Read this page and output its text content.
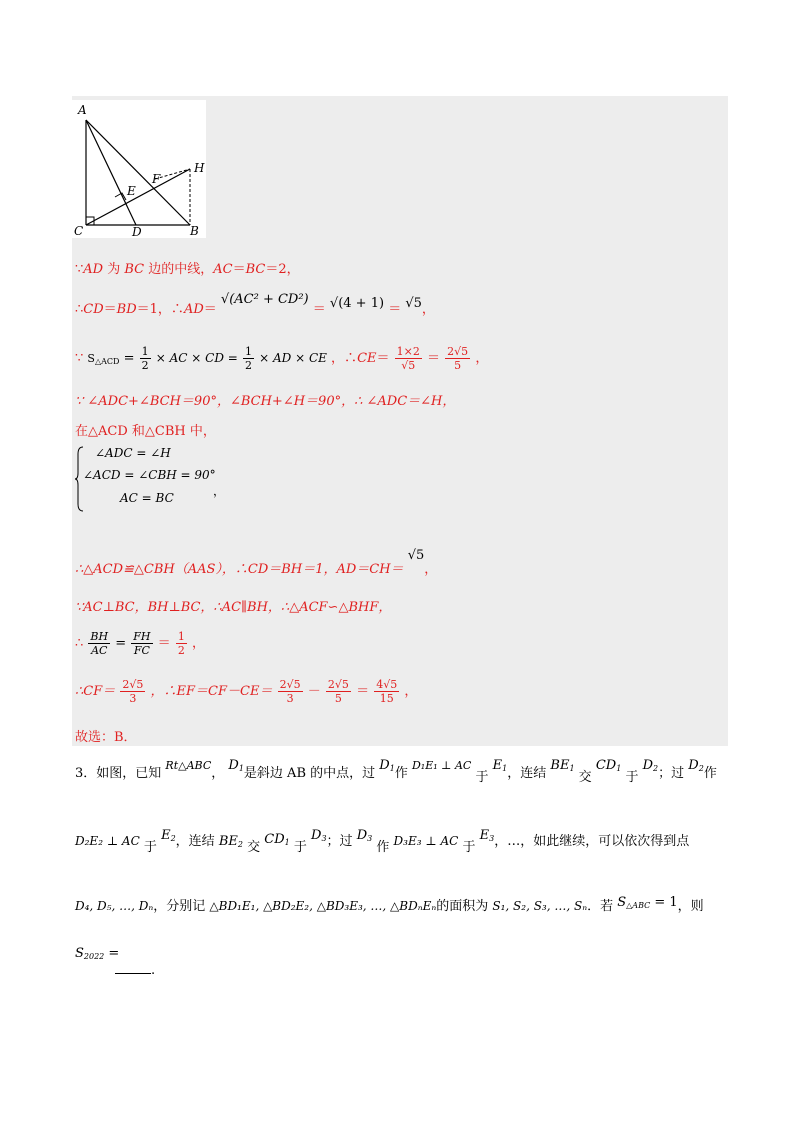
A
C	D	B
E
F
H
∵AD 为 BC 边的中线，AC＝BC＝2，
∴CD＝BD＝1，∴AD＝ √(AC² + CD²) ＝ √(4 + 1) ＝ √5，
∵ $S_{\triangle ACD} = \frac{1}{2}$ × AC × CD = $\frac{1}{2}$ × AD × CE ，∴CE＝ $\frac{1\times 2}{√5} = \frac{2√5}{5}$ ，
∵ ∠ADC+∠BCH＝90°，∠BCH+∠H＝90°，∴ ∠ADC＝∠H，
在△ACD 和△CBH 中，
∠ADC = ∠H
∠ACD = ∠CBH = 90°
AC = BC	，
∴△ACD≌△CBH（AAS），∴CD＝BH＝1，AD＝CH＝ √5，
∵AC⊥BC，BH⊥BC，∴AC∥BH，∴△ACF∽△BHF，
∴ $\frac{BH}{AC} = \frac{FH}{FC} = \frac{1}{2}$ ，
∴CF＝ $\frac{2√5}{3}$ ，∴EF＝CF－CE＝ $\frac{2√5}{3} - \frac{2√5}{5} = \frac{4√5}{15}$ ，
故选：B．
3．如图，已知 $^{Rt\triangle ABC}$， $D_1$是斜边 AB 的中点，过 $D_1$作 $^{D_1E_1 \perp AC}$ 于 $E_1$，连结 $BE_1$ 交 $CD_1$ 于 $D_2$；过 $D_2$作
D₂E₂ ⊥ AC 于 $E_2$，连结 $BE_2$ 交 $CD_1$ 于 $D_3$；过 $D_3$ 作 D₃E₃ ⊥ AC 于 $E_3$，…，如此继续，可以依次得到点
D₄, D₅, …, Dₙ，分别记 △BD₁E₁, △BD₂E₂, △BD₃E₃, …, △BDₙEₙ的面积为 S₁, S₂, S₃, …, Sₙ．若 $S_{\triangle ABC} = 1$，则
$S_{2022}$ =
.
